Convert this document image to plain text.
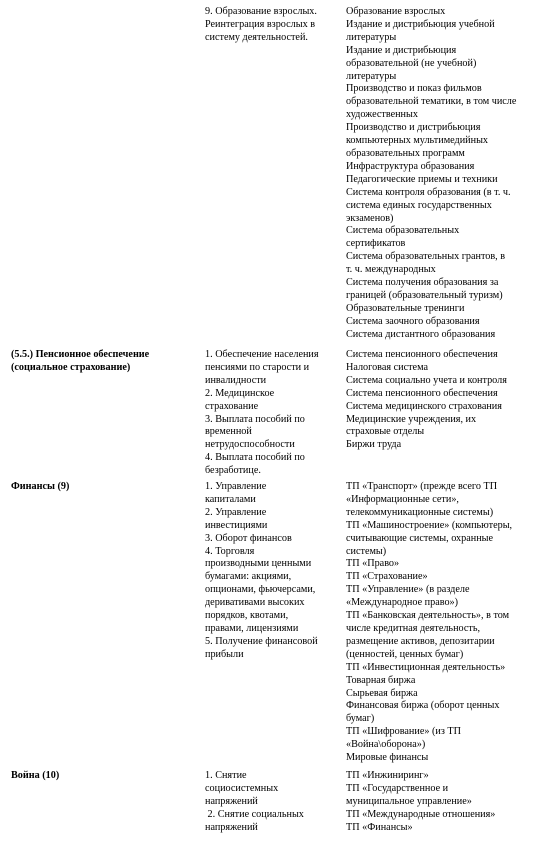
9. Образование взрослых.
Реинтеграция взрослых в
систему деятельностей.
Образование взрослых
Издание и дистрибьюция учебной
литературы
Издание и дистрибьюция
образовательной (не учебной)
литературы
Производство и показ фильмов
образовательной тематики, в том числе
художественных
Производство и дистрибьюция
компьютерных мультимедийных
образовательных программ
Инфраструктура образования
Педагогические приемы и техники
Система контроля образования (в т. ч.
система единых государственных
экзаменов)
Система образовательных
сертификатов
Система образовательных грантов, в
т. ч. международных
Система получения образования за
границей (образовательный туризм)
Образовательные тренинги
Система заочного образования
Система дистантного образования
(5.5.) Пенсионное обеспечение
(социальное страхование)
1. Обеспечение населения
пенсиями по старости и
инвалидности
2. Медицинское
страхование
3. Выплата пособий по
временной
нетрудоспособности
4. Выплата пособий по
безработице.
Система пенсионного обеспечения
Налоговая система
Система социально учета и контроля
Система пенсионного обеспечения
Система медицинского страхования
Медицинские учреждения, их
страховые отделы
Биржи труда
Финансы (9)	1. Управление
капиталами
2. Управление
инвестициями
3. Оборот финансов
4. Торговля
производными ценными
бумагами: акциями,
опционами, фьючерсами,
деривативами высоких
порядков, квотами,
правами, лицензиями
5. Получение финансовой
прибыли
ТП «Транспорт» (прежде всего ТП
«Информационные сети»,
телекоммуникационные системы)
ТП «Машиностроение» (компьютеры,
считывающие системы, охранные
системы)
ТП «Право»
ТП «Страхование»
ТП «Управление» (в разделе
«Международное право»)
ТП «Банковская деятельность», в том
числе кредитная деятельность,
размещение активов, депозитарии
(ценностей, ценных бумаг)
ТП «Инвестиционная деятельность»
Товарная биржа
Сырьевая биржа
Финансовая биржа (оборот ценных
бумаг)
ТП «Шифрование» (из ТП
«Война\оборона»)
Мировые финансы
Война (10)	1. Снятие
социосистемных
напряжений
2. Снятие социальных
напряжений
ТП «Инжиниринг»
ТП «Государственное и
муниципальное управление»
ТП «Международные отношения»
ТП «Финансы»
